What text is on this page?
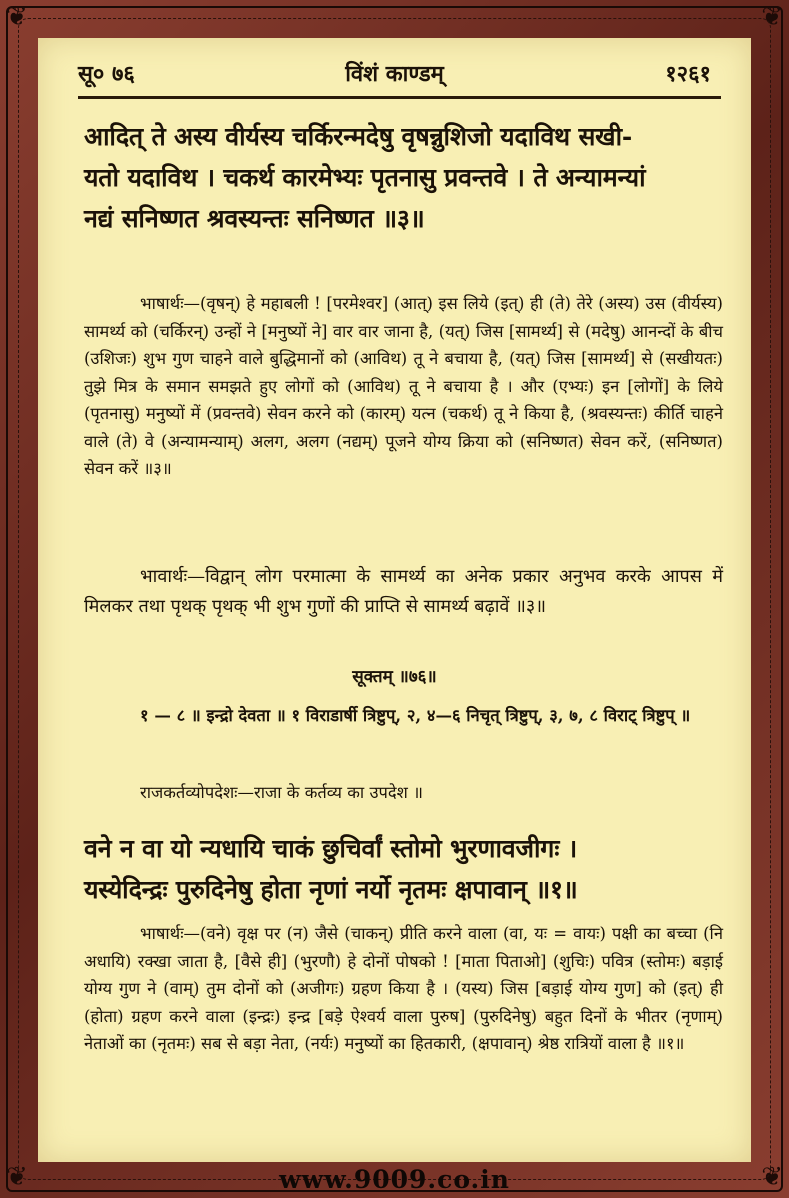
❦	❦
❦	❦
सू० ७६	विंशं काण्डम्	१२६१
आदित् ते अस्य वीर्यस्य चर्किरन्मदेषु वृषन्नुशिजो यदाविथ सखी-
यतो यदाविथ । चकर्थ कारमेभ्यः पृतनासु प्रवन्तवे । ते अन्यामन्यां
नद्यं सनिष्णत श्रवस्यन्तः सनिष्णत ॥३॥
भाषार्थः—(वृषन्) हे महाबली ! [परमेश्वर] (आत्) इस लिये (इत्) ही (ते) तेरे (अस्य) उस (वीर्यस्य) सामर्थ्य को (चर्किरन्) उन्हों ने [मनुष्यों ने] वार वार जाना है, (यत्) जिस [सामर्थ्य] से (मदेषु) आनन्दों के बीच (उशिजः) शुभ गुण चाहने वाले बुद्धिमानों को (आविथ) तू ने बचाया है, (यत्) जिस [सामर्थ्य] से (सखीयतः) तुझे मित्र के समान समझते हुए लोगों को (आविथ) तू ने बचाया है । और (एभ्यः) इन [लोगों] के लिये (पृतनासु) मनुष्यों में (प्रवन्तवे) सेवन करने को (कारम्) यत्न (चकर्थ) तू ने किया है, (श्रवस्यन्तः) कीर्ति चाहने वाले (ते) वे (अन्यामन्याम्) अलग, अलग (नद्यम्) पूजने योग्य क्रिया को (सनिष्णत) सेवन करें, (सनिष्णत) सेवन करें ॥३॥
भावार्थः—विद्वान् लोग परमात्मा के सामर्थ्य का अनेक प्रकार अनुभव करके आपस में मिलकर तथा पृथक् पृथक् भी शुभ गुणों की प्राप्ति से सामर्थ्य बढ़ावें ॥३॥
सूक्तम् ॥७६॥
१ — ८ ॥ इन्द्रो देवता ॥ १ विराडार्षी त्रिष्टुप्, २, ४—६ निचृत् त्रिष्टुप्, ३, ७, ८ विराट् त्रिष्टुप् ॥
राजकर्तव्योपदेशः—राजा के कर्तव्य का उपदेश ॥
वने न वा यो न्यधायि चाकं छुचिर्वां स्तोमो भुरणावजीगः ।
यस्येदिन्द्रः पुरुदिनेषु होता नृणां नर्यो नृतमः क्षपावान् ॥१॥
भाषार्थः—(वने) वृक्ष पर (न) जैसे (चाकन्) प्रीति करने वाला (वा, यः = वायः) पक्षी का बच्चा (नि अधायि) रक्खा जाता है, [वैसे ही] (भुरणौ) हे दोनों पोषको ! [माता पिताओ] (शुचिः) पवित्र (स्तोमः) बड़ाई योग्य गुण ने (वाम्) तुम दोनों को (अजीगः) ग्रहण किया है । (यस्य) जिस [बड़ाई योग्य गुण] को (इत्) ही (होता) ग्रहण करने वाला (इन्द्रः) इन्द्र [बड़े ऐश्वर्य वाला पुरुष] (पुरुदिनेषु) बहुत दिनों के भीतर (नृणाम्) नेताओं का (नृतमः) सब से बड़ा नेता, (नर्यः) मनुष्यों का हितकारी, (क्षपावान्) श्रेष्ठ रात्रियों वाला है ॥१॥
www.9009.co.in
